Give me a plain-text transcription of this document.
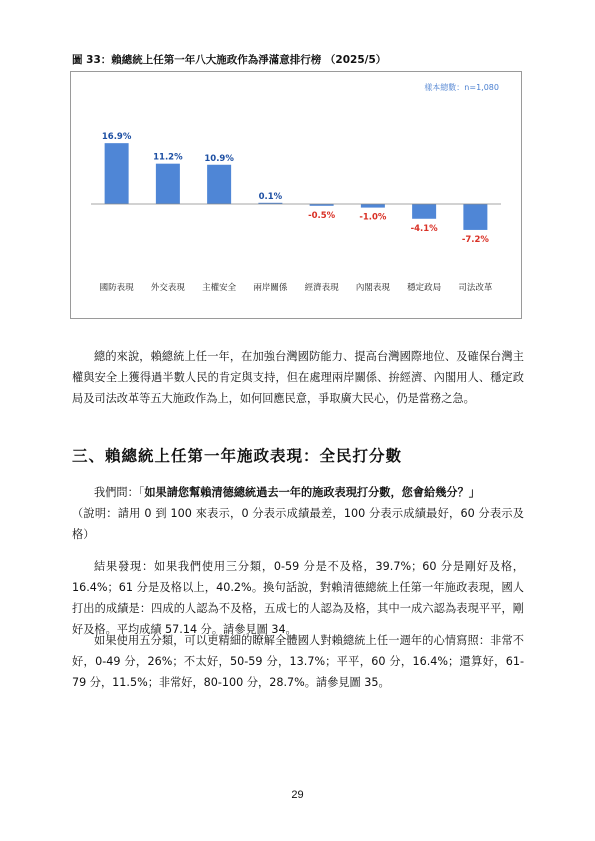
圖 33：賴總統上任第一年八大施政作為淨滿意排行榜 （2025/5）
樣本總數：n=1,080
16.9%
國防表現
11.2%
外交表現
10.9%
主權安全
0.1%
兩岸關係
-0.5%
經濟表現
-1.0%
內閣表現
-4.1%
穩定政局
-7.2%
司法改革
總的來說，賴總統上任一年，在加強台灣國防能力、提高台灣國際地位、及確保台灣主權與安全上獲得過半數人民的肯定與支持，但在處理兩岸關係、拚經濟、內閣用人、穩定政局及司法改革等五大施政作為上，如何回應民意，爭取廣大民心，仍是當務之急。
三、賴總統上任第一年施政表現：全民打分數
我們問：「如果請您幫賴清德總統過去一年的施政表現打分數，您會給幾分？」
（說明：請用 0 到 100 來表示，0 分表示成績最差，100 分表示成績最好，60 分表示及格）
結果發現：如果我們使用三分類，0-59 分是不及格，39.7%；60 分是剛好及格，16.4%；61 分是及格以上，40.2%。換句話說，對賴清德總統上任第一年施政表現，國人打出的成績是：四成的人認為不及格，五成七的人認為及格，其中一成六認為表現平平，剛好及格。平均成績 57.14 分。請參見圖 34。
如果使用五分類，可以更精細的瞭解全體國人對賴總統上任一週年的心情寫照：非常不好，0-49 分，26%；不太好，50-59 分，13.7%；平平，60 分，16.4%；還算好，61-79 分，11.5%；非常好，80-100 分，28.7%。請參見圖 35。
29
